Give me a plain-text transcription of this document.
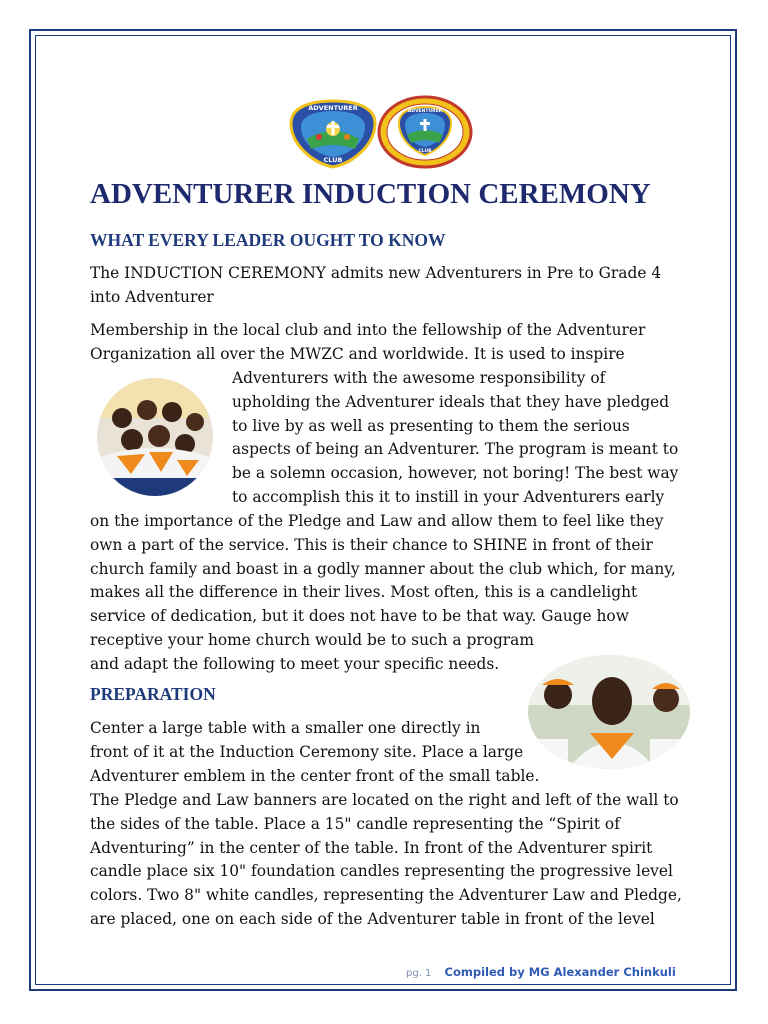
ADVENTURER
CLUB
ADVENTURER
CLUB
ADVENTURER INDUCTION CEREMONY
WHAT EVERY LEADER OUGHT TO KNOW
The INDUCTION CEREMONY admits new Adventurers in Pre to Grade 4
into Adventurer
Membership in the local club and into the fellowship of the Adventurer
Organization all over the MWZC and worldwide. It is used to inspire
Adventurers with the awesome responsibility of
upholding the Adventurer ideals that they have pledged
to live by as well as presenting to them the serious
aspects of being an Adventurer. The program is meant to
be a solemn occasion, however, not boring! The best way
to accomplish this it to instill in your Adventurers early
on the importance of the Pledge and Law and allow them to feel like they
own a part of the service. This is their chance to SHINE in front of their
church family and boast in a godly manner about the club which, for many,
makes all the difference in their lives. Most often, this is a candlelight
service of dedication, but it does not have to be that way. Gauge how
receptive your home church would be to such a program
and adapt the following to meet your specific needs.
PREPARATION
Center a large table with a smaller one directly in
front of it at the Induction Ceremony site. Place a large
Adventurer emblem in the center front of the small table.
The Pledge and Law banners are located on the right and left of the wall to
the sides of the table. Place a 15" candle representing the “Spirit of
Adventuring” in the center of the table. In front of the Adventurer spirit
candle place six 10" foundation candles representing the progressive level
colors. Two 8" white candles, representing the Adventurer Law and Pledge,
are placed, one on each side of the Adventurer table in front of the level
pg. 1 Compiled by MG Alexander Chinkuli
